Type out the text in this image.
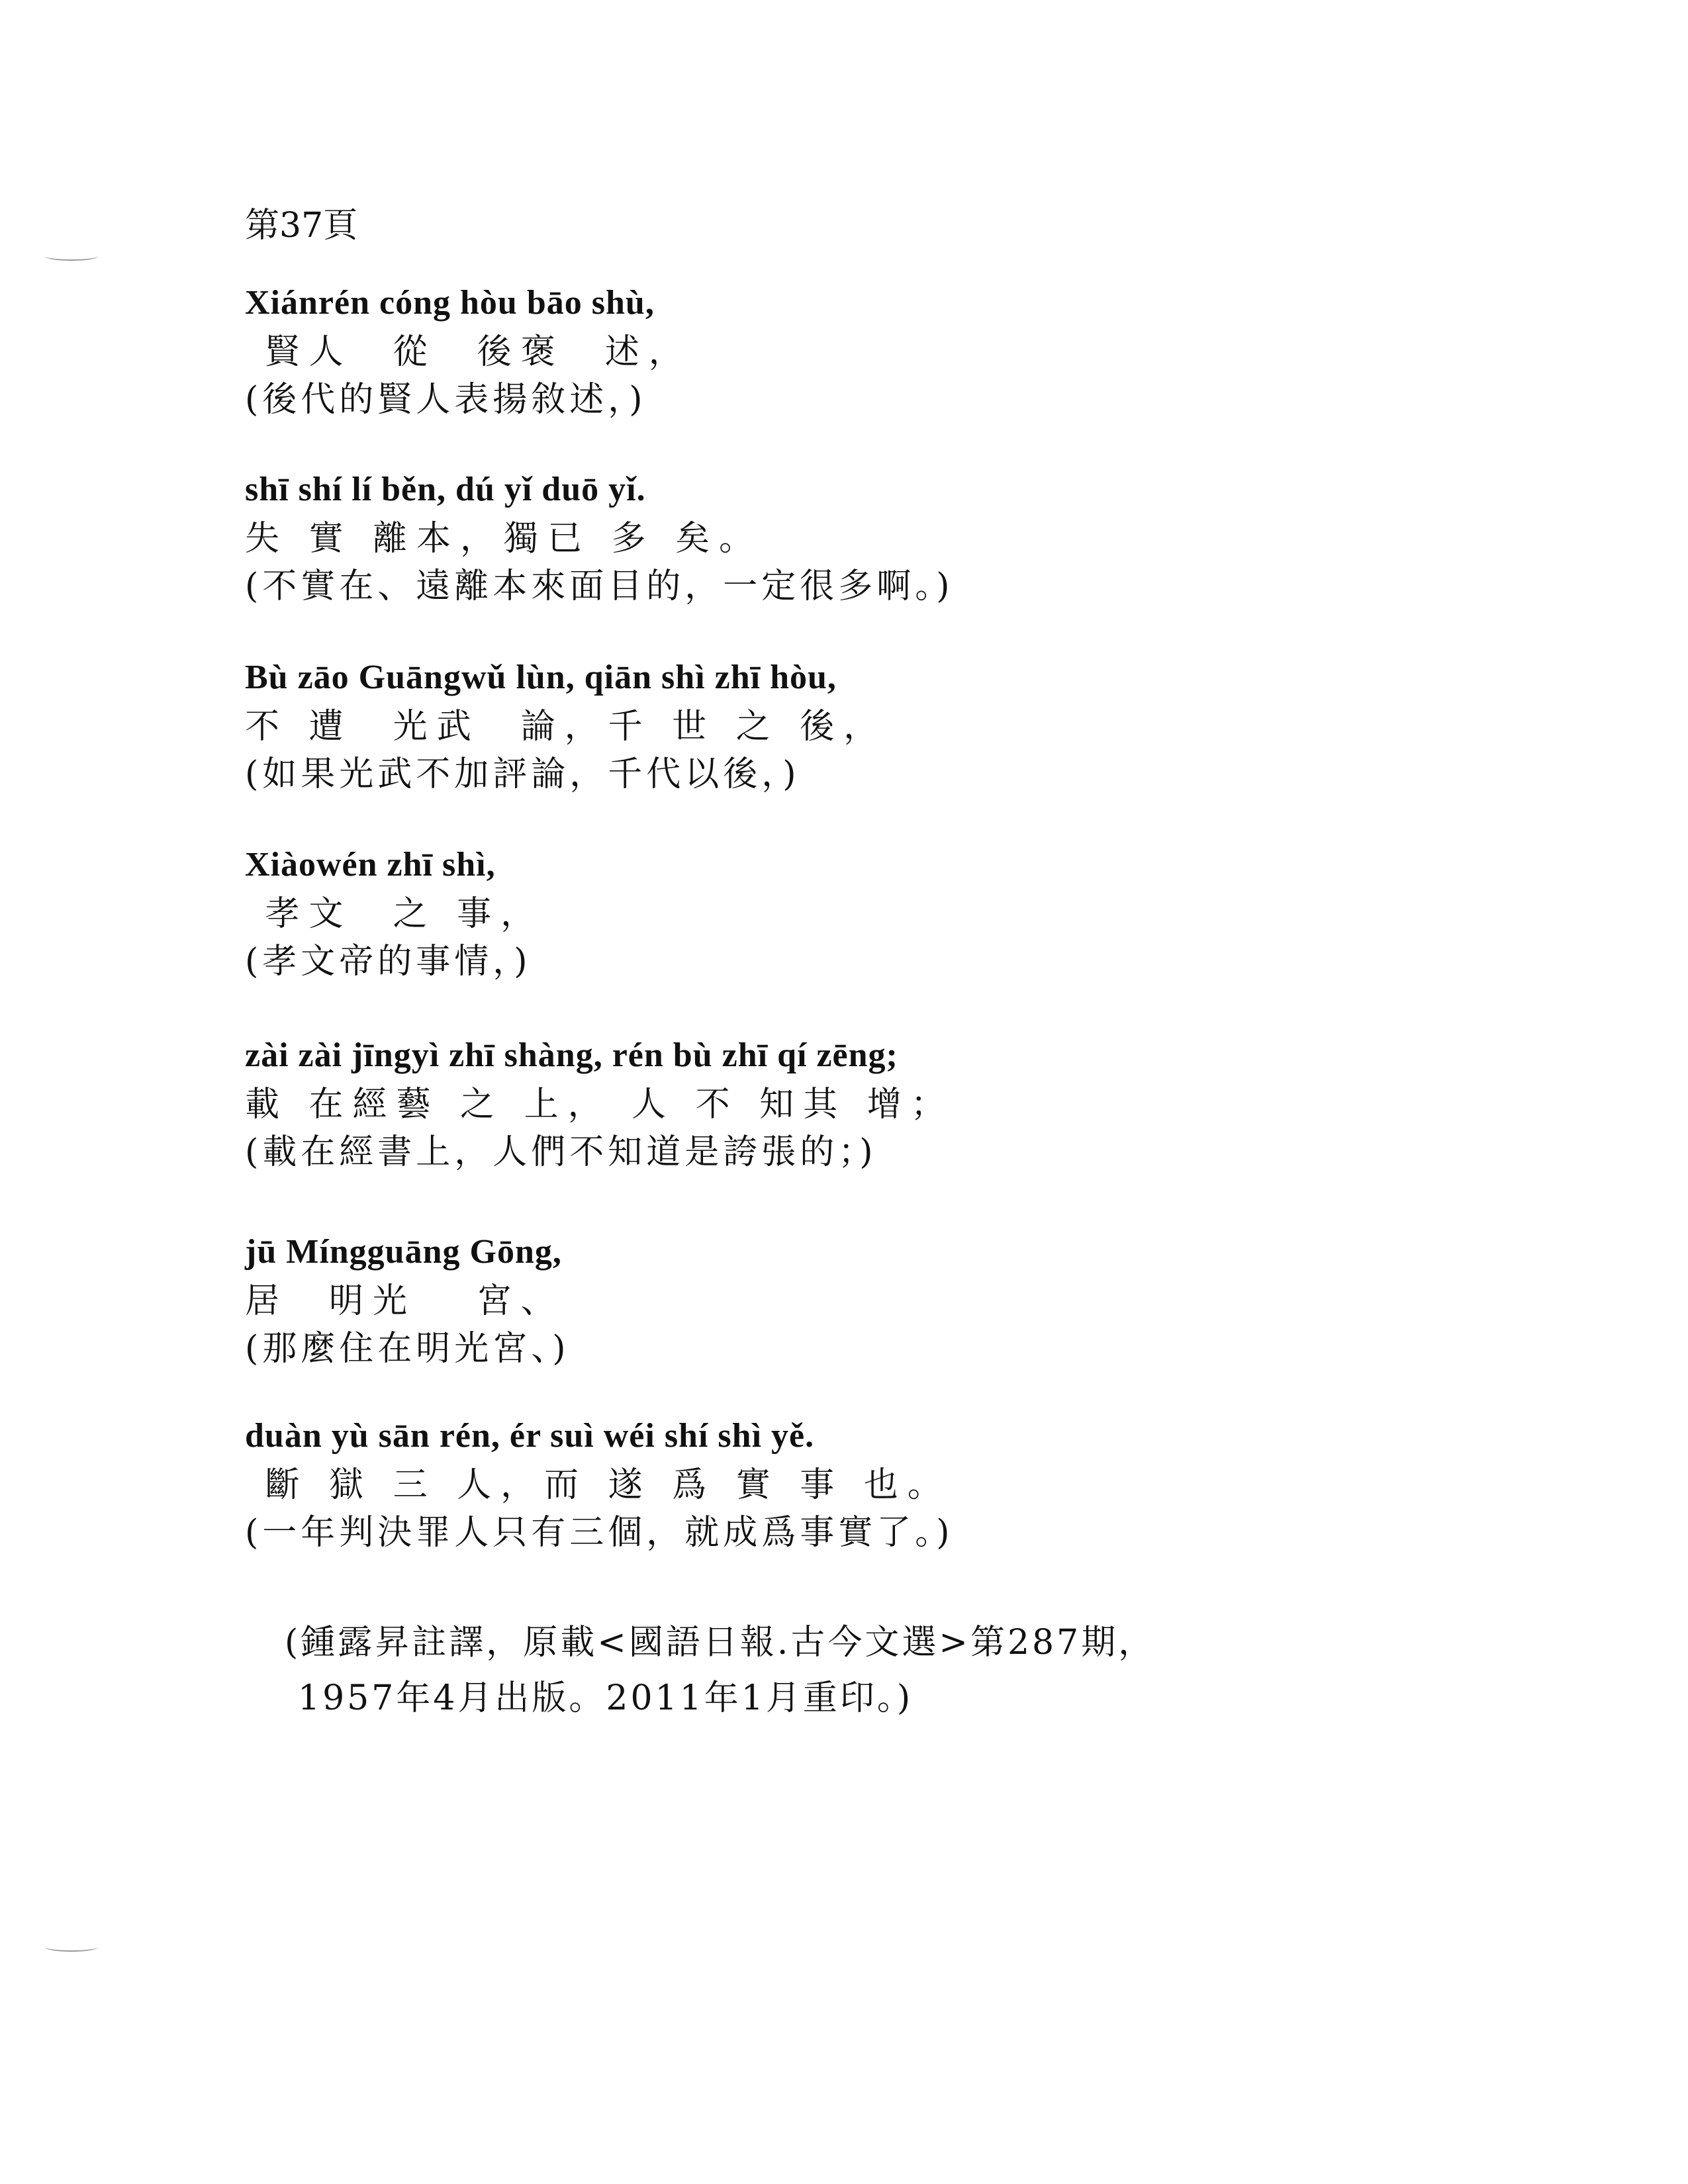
第37頁
Xiánrén cóng hòu bāo shù,
賢人  從  後褒  述，
(後代的賢人表揚敘述，)
shī shí lí běn, dú yǐ duō yǐ.
失 實 離本，獨已 多 矣。
(不實在、遠離本來面目的，一定很多啊。)
Bù zāo Guāngwǔ lùn, qiān shì zhī hòu,
不 遭  光武  論，千 世 之 後，
(如果光武不加評論，千代以後，)
Xiàowén zhī shì,
孝文  之 事，
(孝文帝的事情，)
zài zài jīngyì zhī shàng, rén bù zhī qí zēng;
載 在經藝 之 上， 人 不 知其 增；
(載在經書上，人們不知道是誇張的；)
jū Míngguāng Gōng,
居  明光   宮、
(那麼住在明光宮、)
duàn yù sān rén, ér suì wéi shí shì yě.
斷 獄 三 人，而 遂 爲 實 事 也。
(一年判決罪人只有三個，就成爲事實了。)
(鍾露昇註譯，原載<國語日報.古今文選>第287期，
1957年4月出版。2011年1月重印。)
